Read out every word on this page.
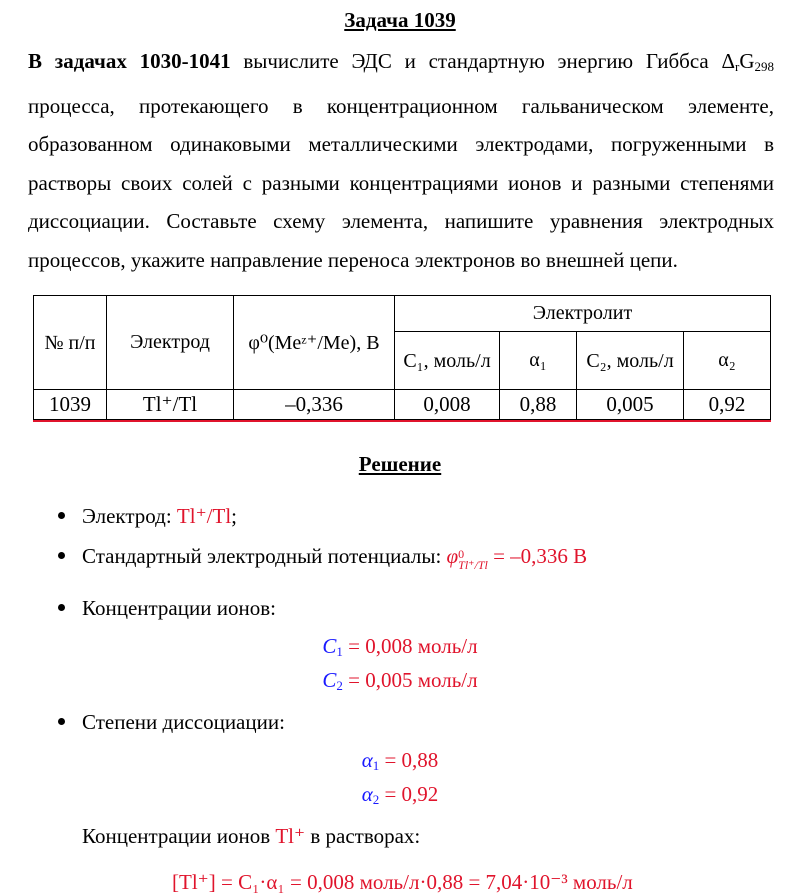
Задача 1039
В задачах 1030-1041 вычислите ЭДС и стандартную энергию Гиббса $\Delta_rG_{298}$ процесса, протекающего в концентрационном гальваническом элементе, образованном одинаковыми металлическими электродами, погруженными в растворы своих солей с разными концентрациями ионов и разными степенями диссоциации. Составьте схему элемента, напишите уравнения электродных процессов, укажите направление переноса электронов во внешней цепи.
№ п/п	Электрод	φ⁰(Meᶻ⁺/Me), В	Электролит			
			C₁, моль/л	α₁	C₂, моль/л	α₂
1039	Tl⁺/Tl	–0,336	0,008	0,88	0,005	0,92
Решение
Электрод: Tl⁺/Tl;
Стандартный электродный потенциалы: φ 0
Tl⁺/Tl = –0,336 В
Концентрации ионов:
$C_1 = 0,008$ моль/л
$C_2 = 0,005$ моль/л
Степени диссоциации:
$\alpha_1 = 0,88$
$\alpha_2 = 0,92$
Концентрации ионов Tl⁺ в растворах:
[Tl⁺] = C₁·α₁ = 0,008 моль/л·0,88 = 7,04·10⁻³ моль/л
